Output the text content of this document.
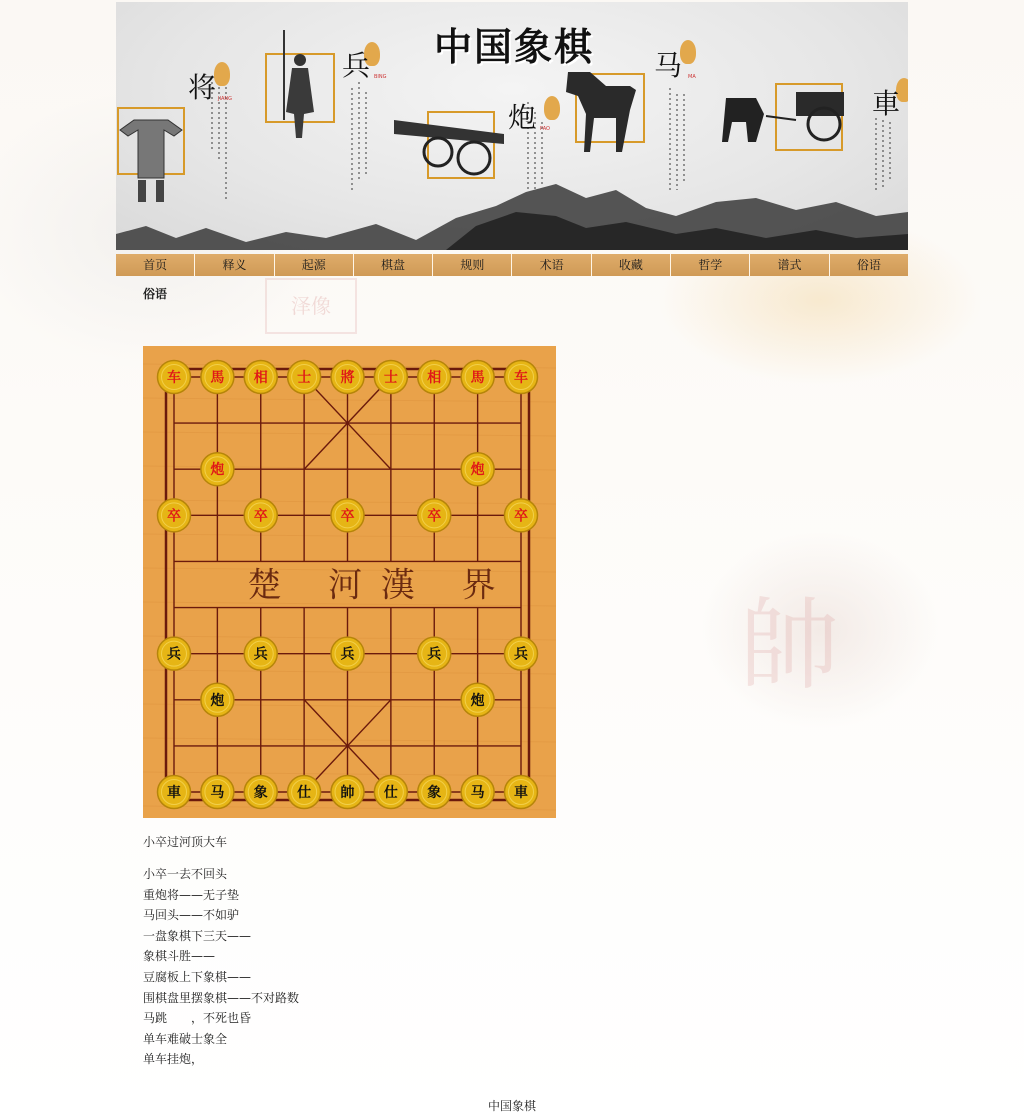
帥
泽像
中国象棋
将 JIANG
兵 BING
炮 PAO
马 MA
車
首页	释义	起源	棋盘	规则	术语	收藏	哲学	谱式	俗语
俗语
楚 河 漢 界
车 馬 相 士 將 士 相 馬 车
炮	炮
卒	卒	卒	卒	卒
兵	兵	兵	兵	兵
炮	炮
車 马 象 仕 帥 仕 象 马 車
小卒过河顶大车
小卒一去不回头
重炮将——无子垫
马回头——不如驴
一盘象棋下三天——
象棋斗胜——
豆腐板上下象棋——
围棋盘里摆象棋——不对路数
马跳　　，不死也昏
单车难破士象全
单车挂炮，
中国象棋
